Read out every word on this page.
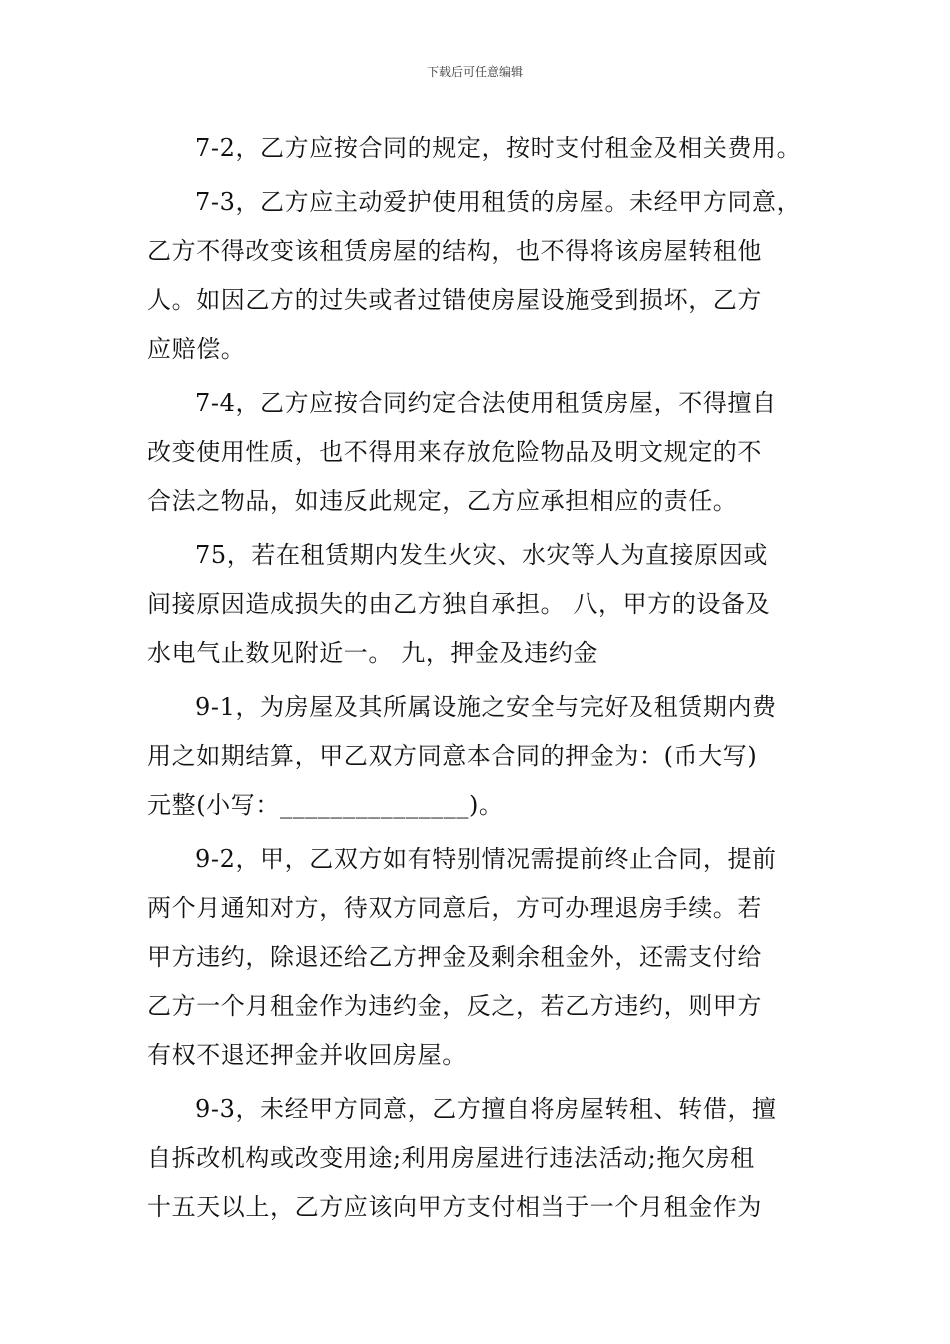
下载后可任意编辑
7-2，乙方应按合同的规定，按时支付租金及相关费用。
7-3，乙方应主动爱护使用租赁的房屋。未经甲方同意，
乙方不得改变该租赁房屋的结构，也不得将该房屋转租他
人。如因乙方的过失或者过错使房屋设施受到损坏，乙方
应赔偿。
7-4，乙方应按合同约定合法使用租赁房屋，不得擅自
改变使用性质，也不得用来存放危险物品及明文规定的不
合法之物品，如违反此规定，乙方应承担相应的责任。
75，若在租赁期内发生火灾、水灾等人为直接原因或
间接原因造成损失的由乙方独自承担。 八，甲方的设备及
水电气止数见附近一。 九，押金及违约金
9-1，为房屋及其所属设施之安全与完好及租赁期内费
用之如期结算，甲乙双方同意本合同的押金为：(币大写)
元整(小写：_______________)。
9-2，甲，乙双方如有特别情况需提前终止合同，提前
两个月通知对方，待双方同意后，方可办理退房手续。若
甲方违约，除退还给乙方押金及剩余租金外，还需支付给
乙方一个月租金作为违约金，反之，若乙方违约，则甲方
有权不退还押金并收回房屋。
9-3，未经甲方同意，乙方擅自将房屋转租、转借，擅
自拆改机构或改变用途;利用房屋进行违法活动;拖欠房租
十五天以上，乙方应该向甲方支付相当于一个月租金作为
